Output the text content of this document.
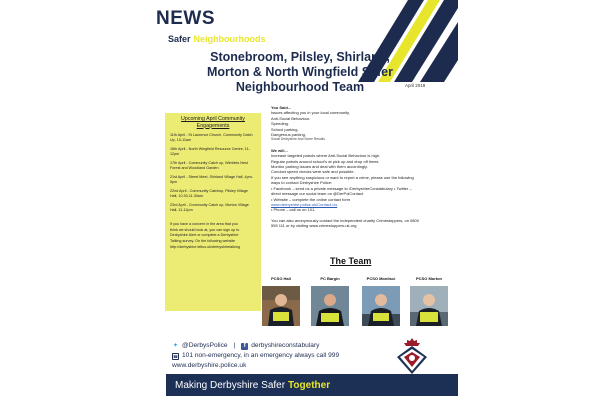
NEWS
Safer Neighbourhoods
Stonebroom, Pilsley, Shirland,
Morton & North Wingfield Safer
Neighbourhood Team	April 2018
Upcoming April Community Engagements
11th April - St Laurence Church, Community Catch Up, 10-11am
16th April - North Wingfield Resource Centre, 11-12pm
17th April - Community Catch up, Wimbles Nest Forest and Woodland Garden
21st April - Street Meet, Shirland Village Hall, 4pm-5pm
22nd April - Community Catchup, Pilsley Village Hall, 10.30-11.30am
23rd April - Community Catch up, Morton Village Hall, 11-12pm
If you have a concern in the area that you
think we should look at, you can sign up to
Derbyshire Alert or complete a Derbyshire
Talking survey. On the following website
http://derbyshire.tellus.uk/derbyshiretalking
You Said...
Issues affecting you in your local community.
Anti-Social Behaviour.
Speeding.
School parking.
Dangerous parking.
Social Derbyshire And Some Results
We will...
Increase targeted patrols where Anti-Social Behaviour is high.
Regular patrols around school's at pick up and drop off times.
Monitor parking issues and deal with them accordingly.
Conduct speed checks were safe and possible.
If you see anything suspicious or want to report a crime, please use the following
ways to contact Derbyshire Police:
• Facebook – send us a private message to /DerbyshireConstabulary • Twitter –
direct message our social team on @DerPolContact
• Website – complete the online contact form
www.derbyshire.police.uk/Contact-Us
• Phone – call us on 101.
You can also anonymously contact the independent charity Crimestoppers, on 0800
555 111 or by visiting www.crimestoppers-uk.org
The Team
PCSO Hall	PC Bargin	PCSO Montisci	PCSO Morton
✦ @DerbysPolice |	f derbyshireconstabulary
☎ 101 non-emergency, in an emergency always call 999
www.derbyshire.police.uk
Making Derbyshire Safer Together
